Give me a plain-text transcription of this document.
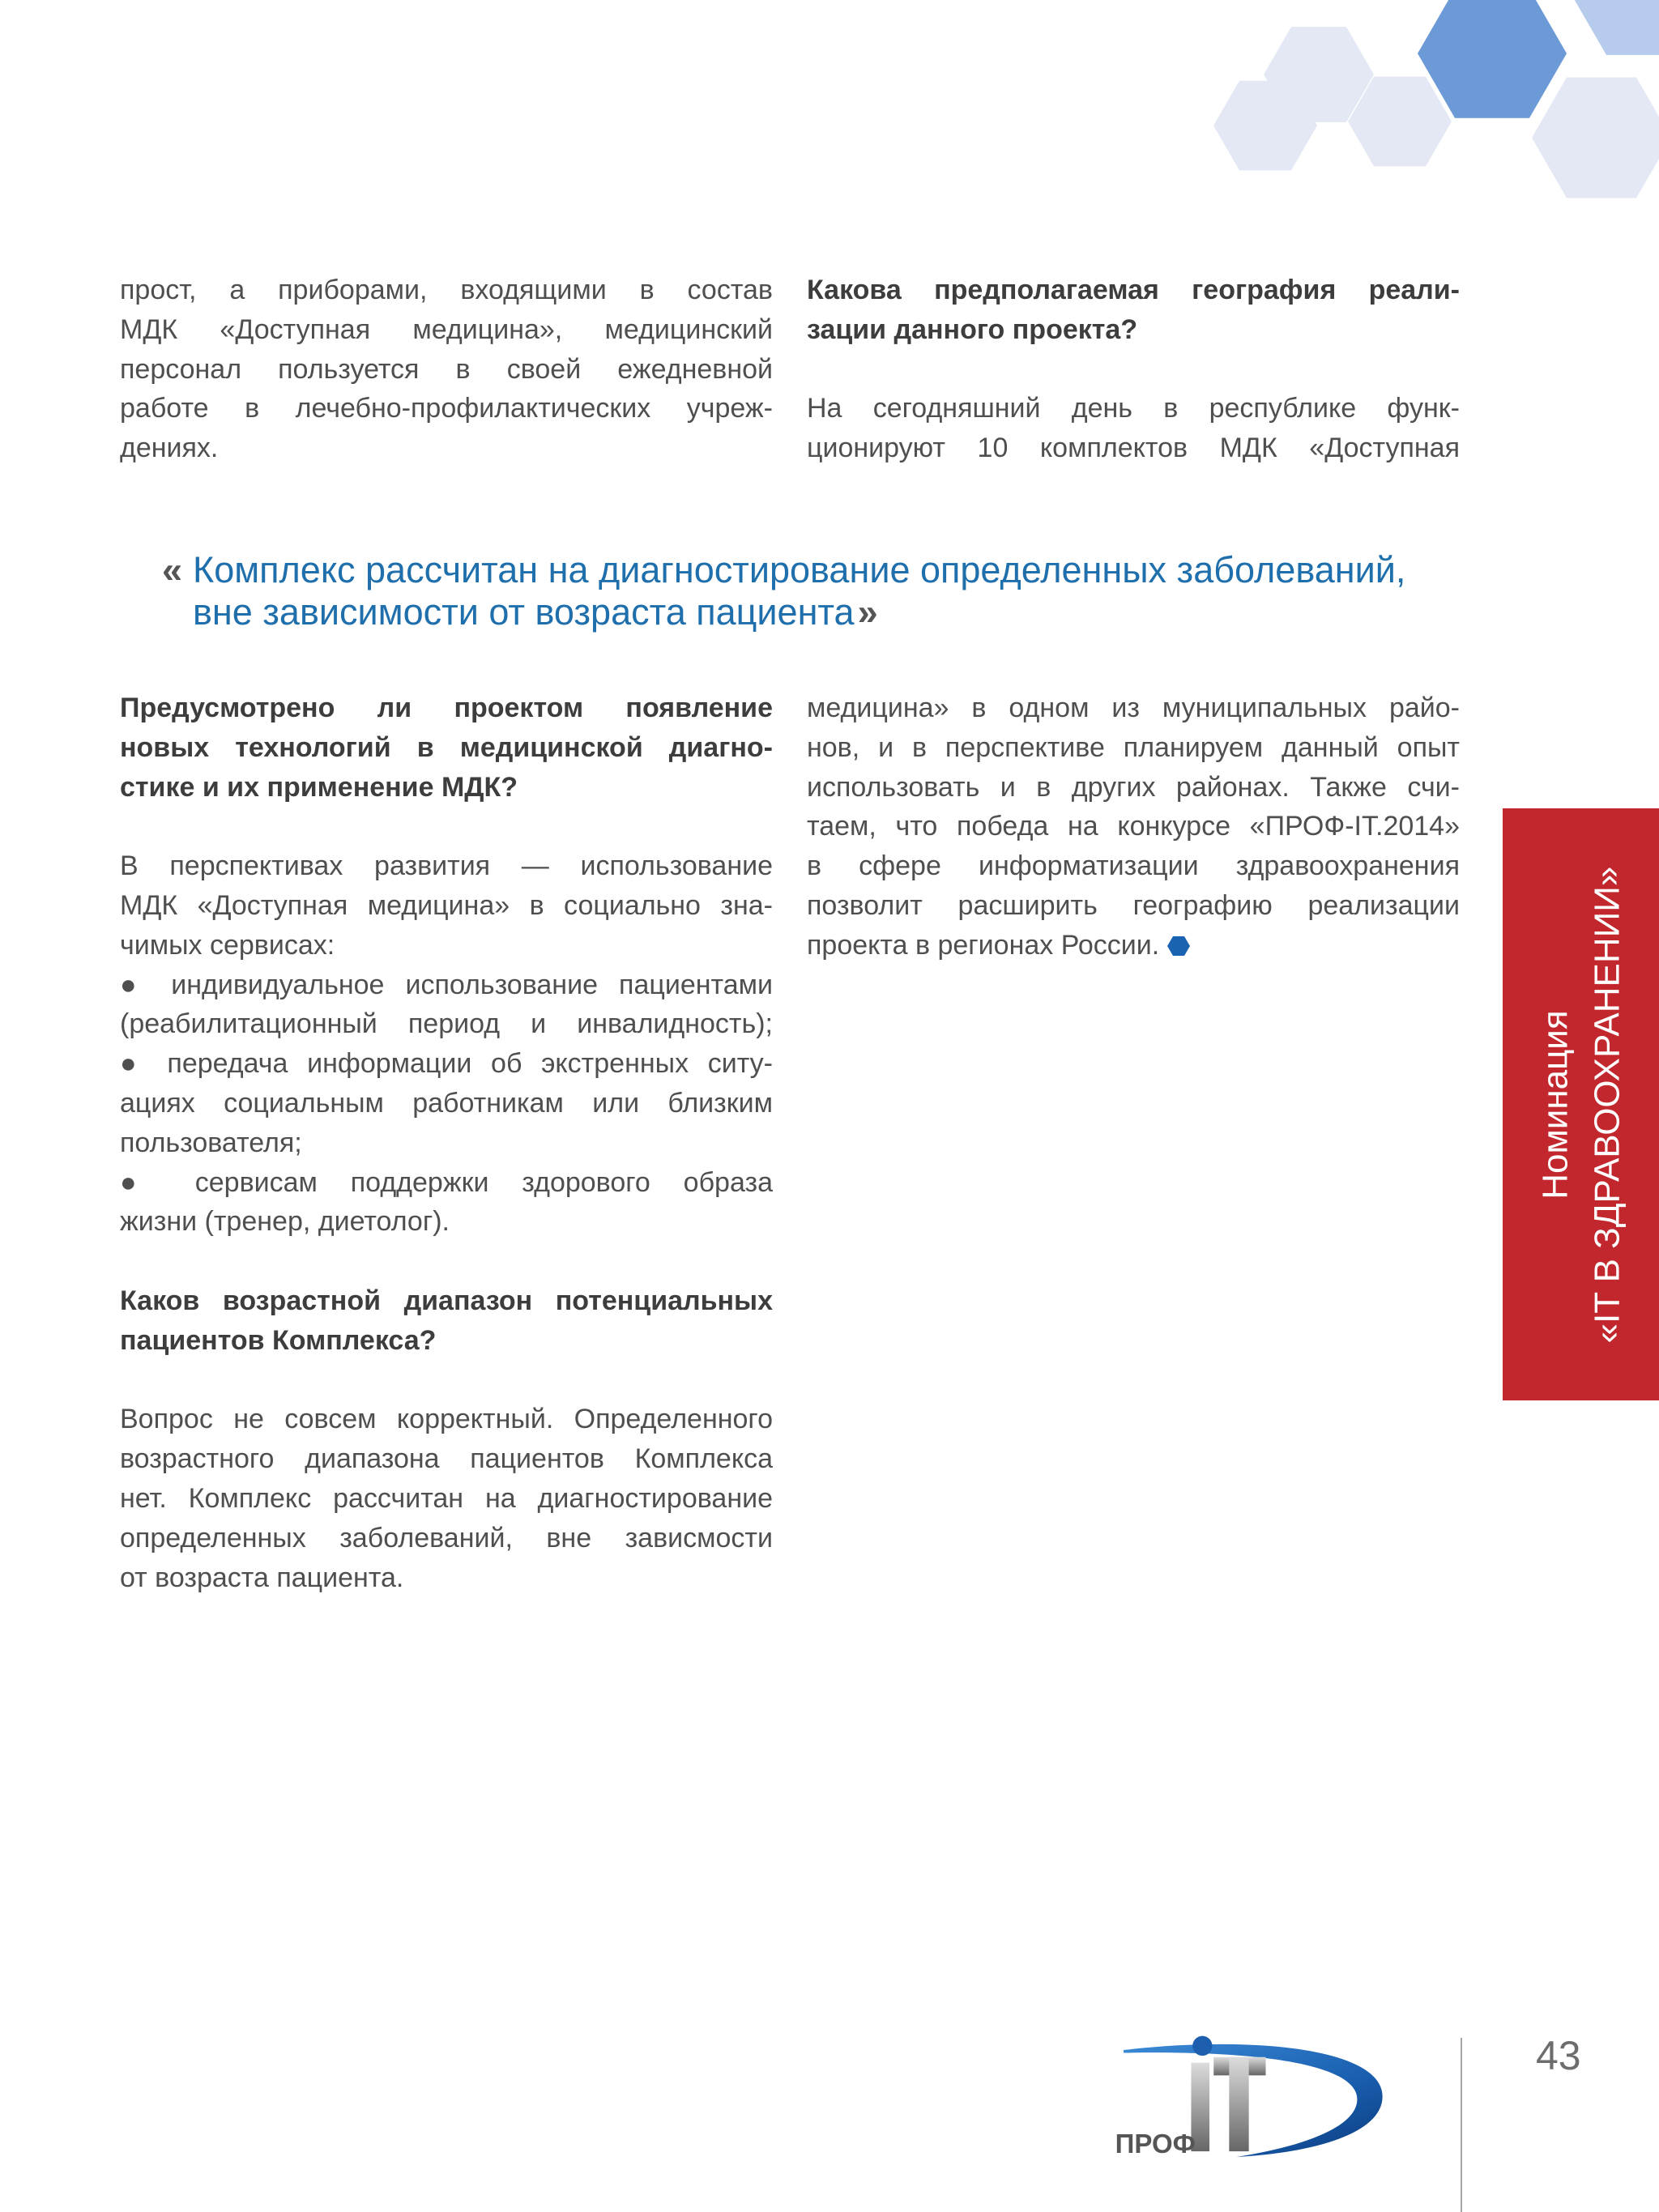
прост, а приборами, входящими в состав
МДК «Доступная медицина», медицинский
персонал пользуется в своей ежедневной
работе в лечебно-профилактических учреж-
дениях.
Какова предполагаемая география реали-
зации данного проекта?
На сегодняшний день в республике функ-
ционируют 10 комплектов МДК «Доступная
« Комплекс рассчитан на диагностирование определенных заболеваний,
вне зависимости от возраста пациента»
Предусмотрено ли проектом появление
новых технологий в медицинской диагно-
стике и их применение МДК?
В перспективах развития — использование
МДК «Доступная медицина» в социально зна-
чимых сервисах:
● индивидуальное использование пациентами
(реабилитационный период и инвалидность);
● передача информации об экстренных ситу-
ациях социальным работникам или близким
пользователя;
● сервисам поддержки здорового образа
жизни (тренер, диетолог).
Каков возрастной диапазон потенциальных
пациентов Комплекса?
Вопрос не совсем корректный. Определенного
возрастного диапазона пациентов Комплекса
нет. Комплекс рассчитан на диагностирование
определенных заболеваний, вне зависмости
от возраста пациента.
медицина» в одном из муниципальных райо-
нов, и в перспективе планируем данный опыт
использовать и в других районах. Также счи-
таем, что победа на конкурсе «ПРОФ-IT.2014»
в сфере информатизации здравоохранения
позволит расширить географию реализации
проекта в регионах России.
Номинация «IT В ЗДРАВООХРАНЕНИИ»
ПРОФ
43
